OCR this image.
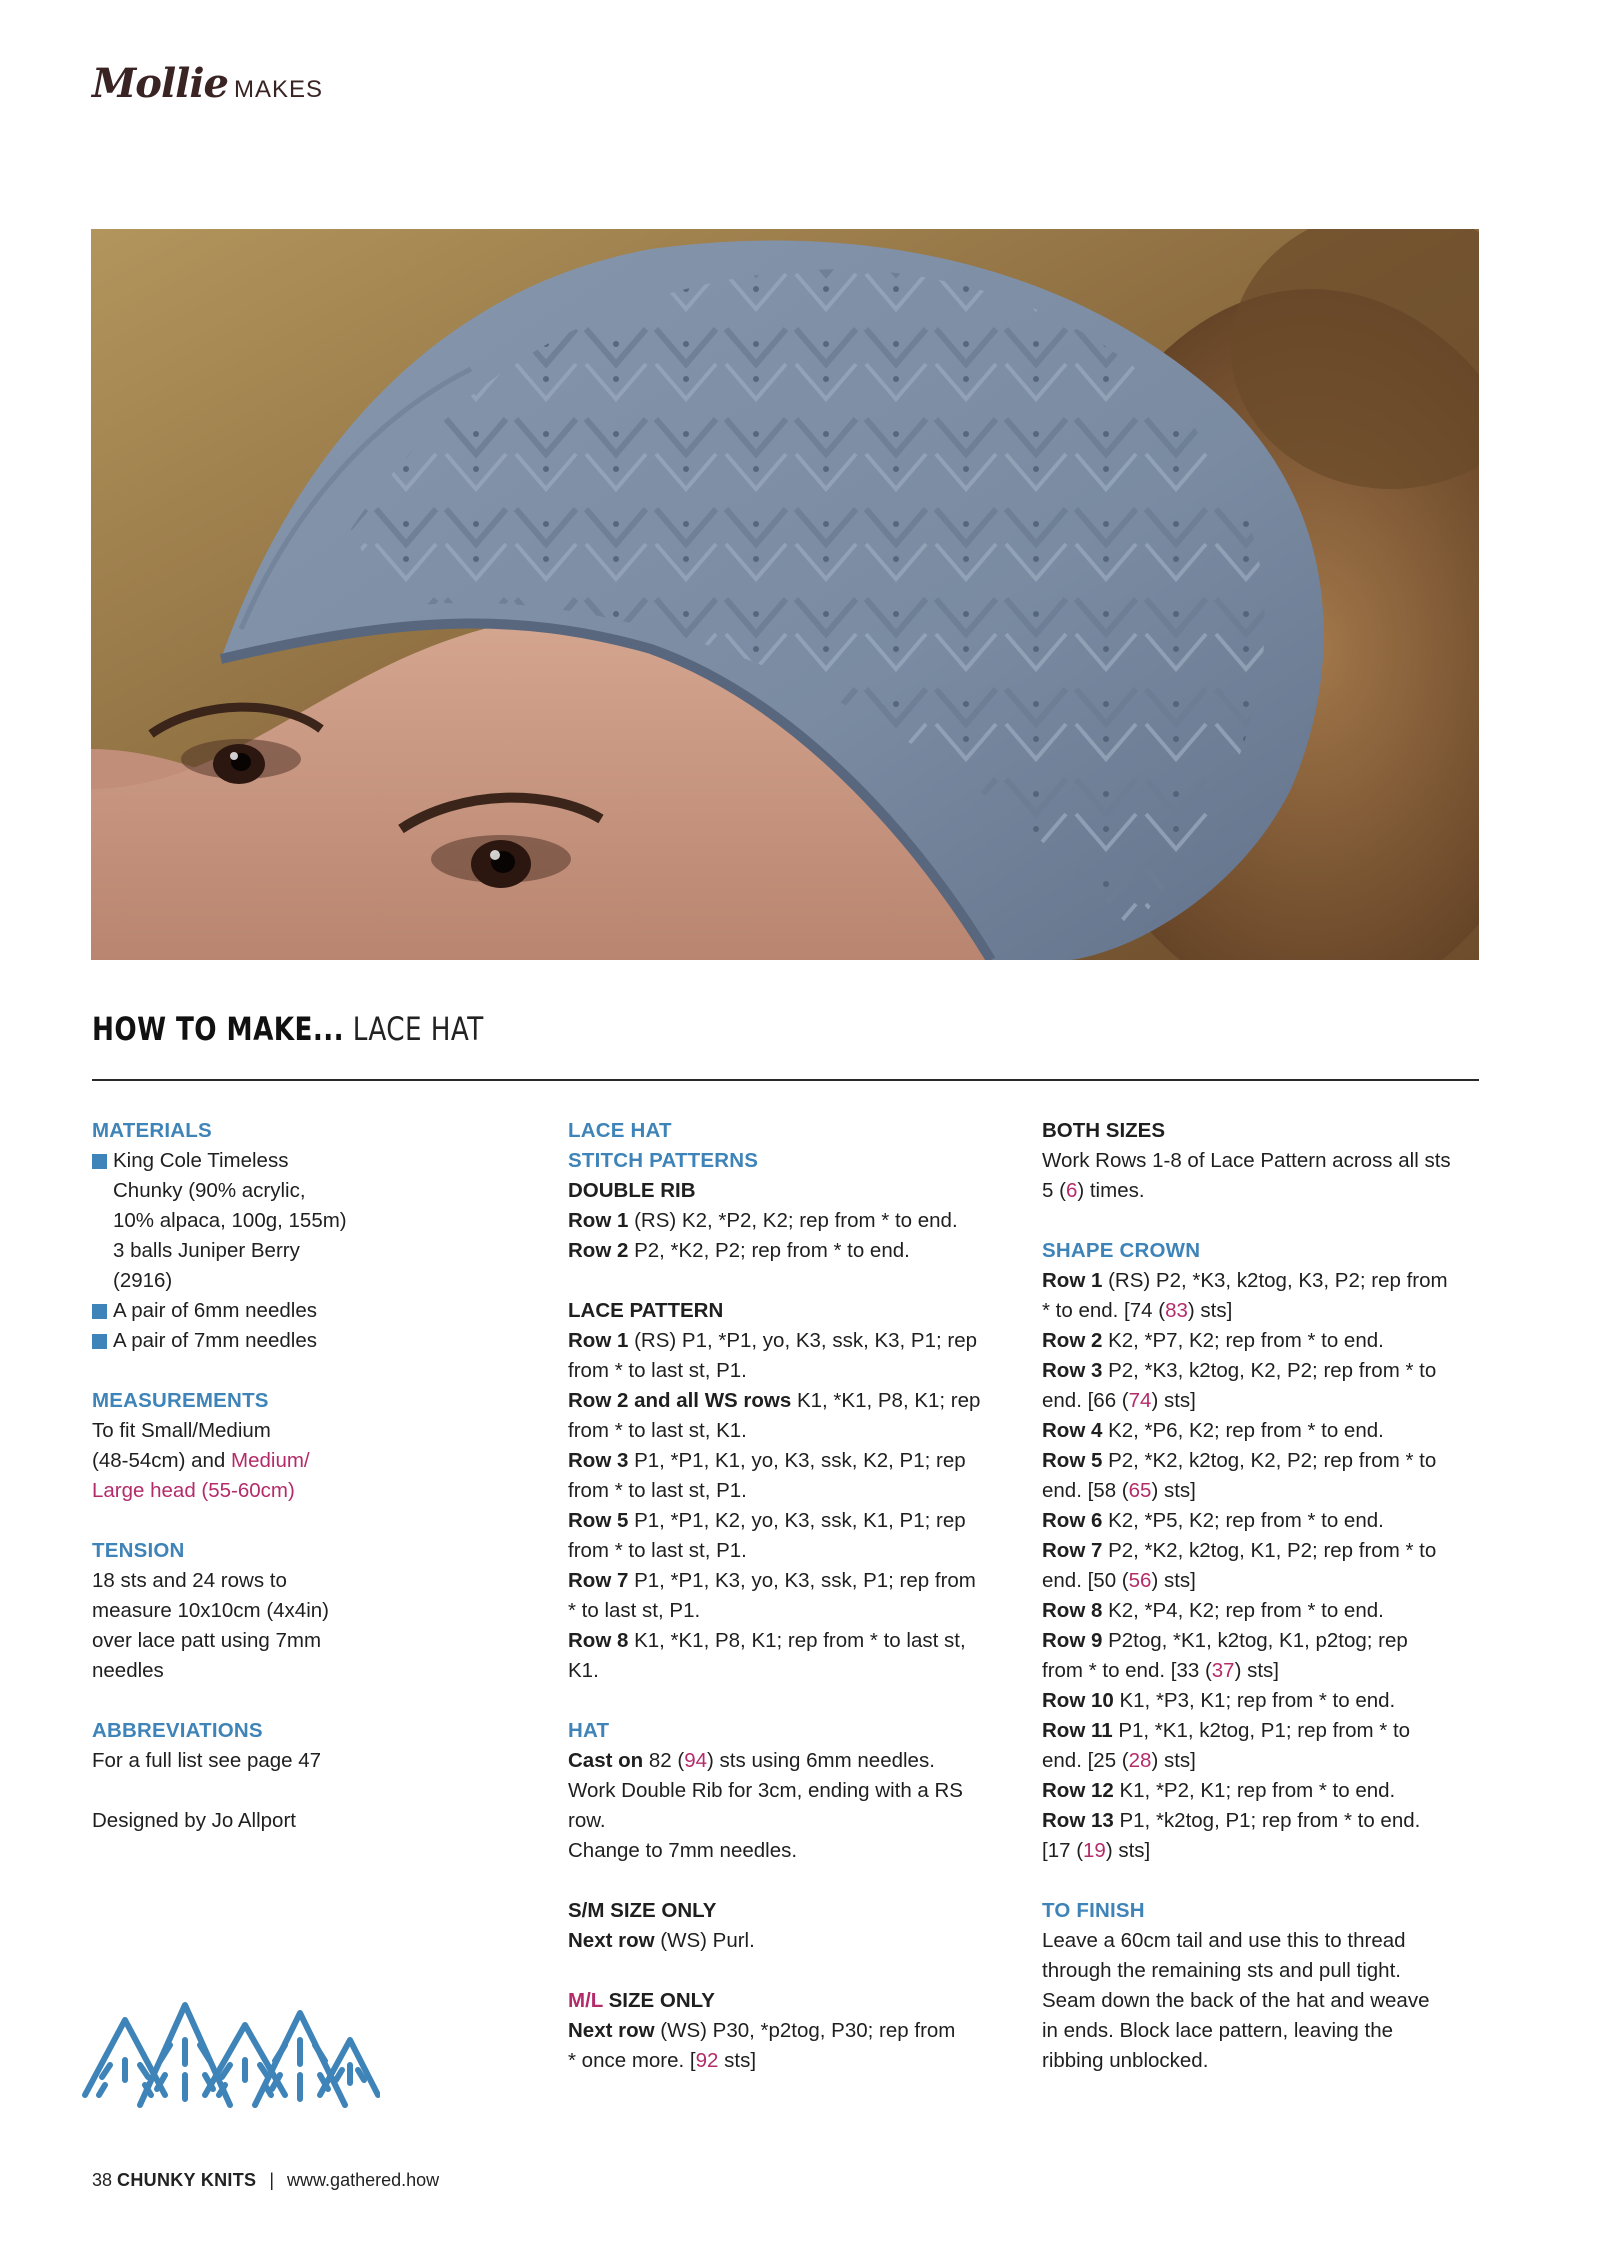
Mollie MAKES
HOW TO MAKE... LACE HAT

MATERIALS

King Cole Timeless

Chunky (90% acrylic,

10% alpaca, 100g, 155m)

3 balls Juniper Berry

(2916)

A pair of 6mm needles

A pair of 7mm needles

MEASUREMENTS

To fit Small/Medium

(48-54cm) and Medium/

Large head (55-60cm)

TENSION

18 sts and 24 rows to

measure 10x10cm (4x4in)

over lace patt using 7mm

needles

ABBREVIATIONS

For a full list see page 47

Designed by Jo Allport

LACE HAT

STITCH PATTERNS

DOUBLE RIB

Row 1 (RS) K2, *P2, K2; rep from * to end.

Row 2 P2, *K2, P2; rep from * to end.

LACE PATTERN

Row 1 (RS) P1, *P1, yo, K3, ssk, K3, P1; rep

from * to last st, P1.

Row 2 and all WS rows K1, *K1, P8, K1; rep

from * to last st, K1.

Row 3 P1, *P1, K1, yo, K3, ssk, K2, P1; rep

from * to last st, P1.

Row 5 P1, *P1, K2, yo, K3, ssk, K1, P1; rep

from * to last st, P1.

Row 7 P1, *P1, K3, yo, K3, ssk, P1; rep from

* to last st, P1.

Row 8 K1, *K1, P8, K1; rep from * to last st,

K1.

HAT

Cast on 82 (94) sts using 6mm needles.

Work Double Rib for 3cm, ending with a RS

row.

Change to 7mm needles.

S/M SIZE ONLY

Next row (WS) Purl.

M/L SIZE ONLY

Next row (WS) P30, *p2tog, P30; rep from

* once more. [92 sts]

BOTH SIZES

Work Rows 1-8 of Lace Pattern across all sts

5 (6) times.

SHAPE CROWN

Row 1 (RS) P2, *K3, k2tog, K3, P2; rep from

* to end. [74 (83) sts]

Row 2 K2, *P7, K2; rep from * to end.

Row 3 P2, *K3, k2tog, K2, P2; rep from * to

end. [66 (74) sts]

Row 4 K2, *P6, K2; rep from * to end.

Row 5 P2, *K2, k2tog, K2, P2; rep from * to

end. [58 (65) sts]

Row 6 K2, *P5, K2; rep from * to end.

Row 7 P2, *K2, k2tog, K1, P2; rep from * to

end. [50 (56) sts]

Row 8 K2, *P4, K2; rep from * to end.

Row 9 P2tog, *K1, k2tog, K1, p2tog; rep

from * to end. [33 (37) sts]

Row 10 K1, *P3, K1; rep from * to end.

Row 11 P1, *K1, k2tog, P1; rep from * to

end. [25 (28) sts]

Row 12 K1, *P2, K1; rep from * to end.

Row 13 P1, *k2tog, P1; rep from * to end.

[17 (19) sts]

TO FINISH

Leave a 60cm tail and use this to thread

through the remaining sts and pull tight.

Seam down the back of the hat and weave

in ends. Block lace pattern, leaving the

ribbing unblocked.

38 CHUNKY KNITS | www.gathered.how
